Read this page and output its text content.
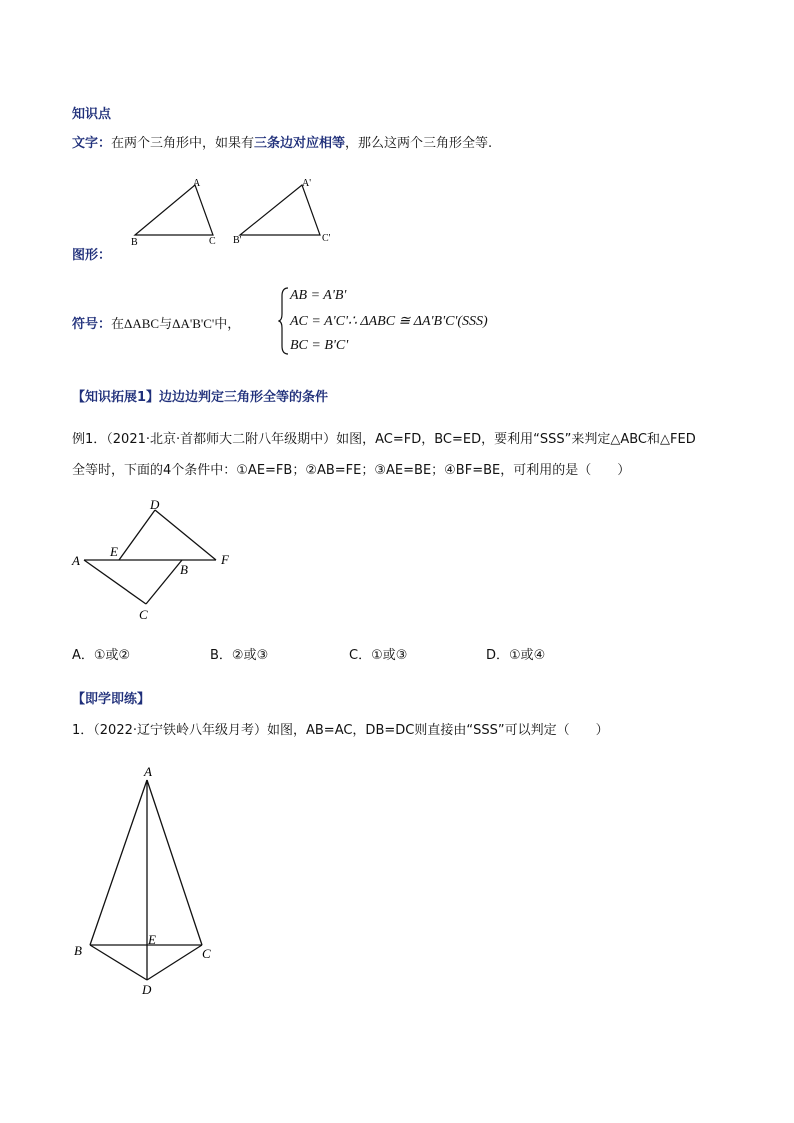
知识点
文字：在两个三角形中，如果有三条边对应相等，那么这两个三角形全等.
A
B	C
A'
B'	C'
图形：
符号：在ΔABC与ΔA'B'C'中，
AB = A'B'
AC = A'C'∴ ΔABC ≅ ΔA'B'C'(SSS)
BC = B'C'
【知识拓展1】边边边判定三角形全等的条件
例1．（2021·北京·首都师大二附八年级期中）如图，AC=FD，BC=ED，要利用“SSS”来判定△ABC和△FED
全等时，下面的4个条件中：①AE=FB；②AB=FE；③AE=BE；④BF=BE，可利用的是（　　）
A
E
D
B
F
C
A．①或②	B．②或③	C．①或③	D．①或④
【即学即练】
1．（2022·辽宁铁岭八年级月考）如图，AB=AC，DB=DC则直接由“SSS”可以判定（　　）
A
B
E
C
D
